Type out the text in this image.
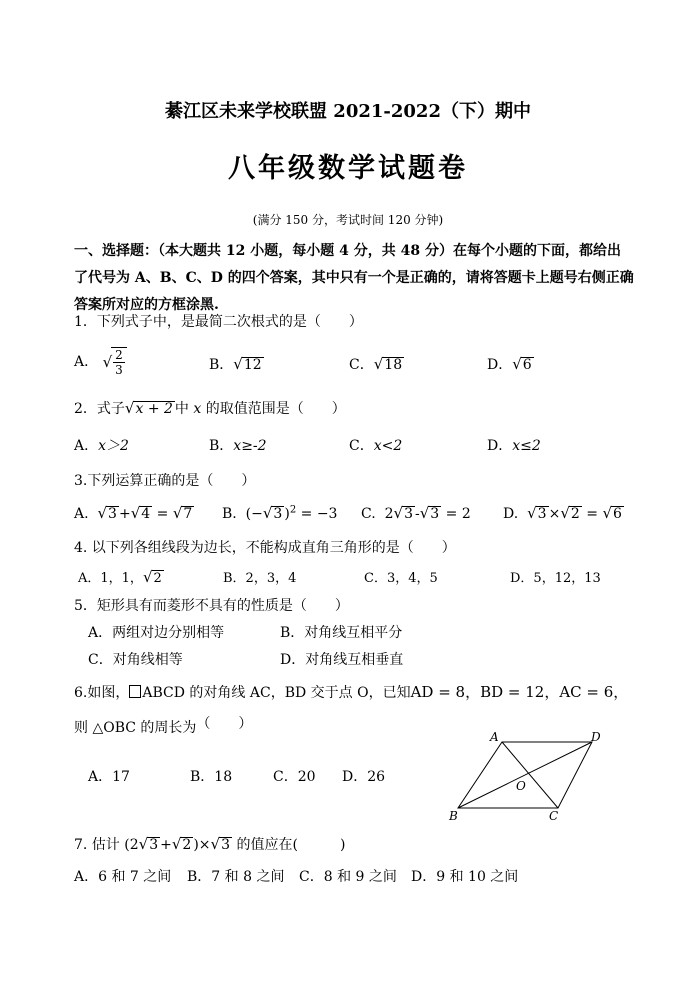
綦江区未来学校联盟 2021-2022（下）期中
八年级数学试题卷
(满分 150 分，考试时间 120 分钟)
一、选择题：（本大题共 12 小题，每小题 4 分，共 48 分）在每个小题的下面，都给出了代号为 A、B、C、D 的四个答案，其中只有一个是正确的，请将答题卡上题号右侧正确答案所对应的方框涂黑.
1．下列式子中，是最简二次根式的是（　　）
A． √ $\frac{2}{3}$	B．√12	C．√18	D．√6
2．式子√x + 2 中 x 的取值范围是（　　）
A．x＞2	B．x≥-2	C．x<2	D．x≤2
3.下列运算正确的是（　　）
A. √3 +√4 = √7 B. (−√3 )$^2$ = −3 C. 2√3 -√3 = 2 D. √3 ×√2 = √6
4. 以下列各组线段为边长，不能构成直角三角形的是（　　）
A．1，1，√2	B．2，3，4	C．3，4，5	D．5，12，13
5．矩形具有而菱形不具有的性质是（　　）
A．两组对边分别相等	B．对角线互相平分
C．对角线相等	D．对角线互相垂直
6.如图， ABCD 的对角线 AC，BD 交于点 O，已知AD = 8，BD = 12，AC = 6，
则 △OBC 的周长为（　　）
A．17	B．18	C．20 D．26
A	D
B	C
O
7. 估计 (2√3 +√2 )×√3 的值应在(　　　)
A．6 和 7 之间 B．7 和 8 之间 C．8 和 9 之间 D．9 和 10 之间
